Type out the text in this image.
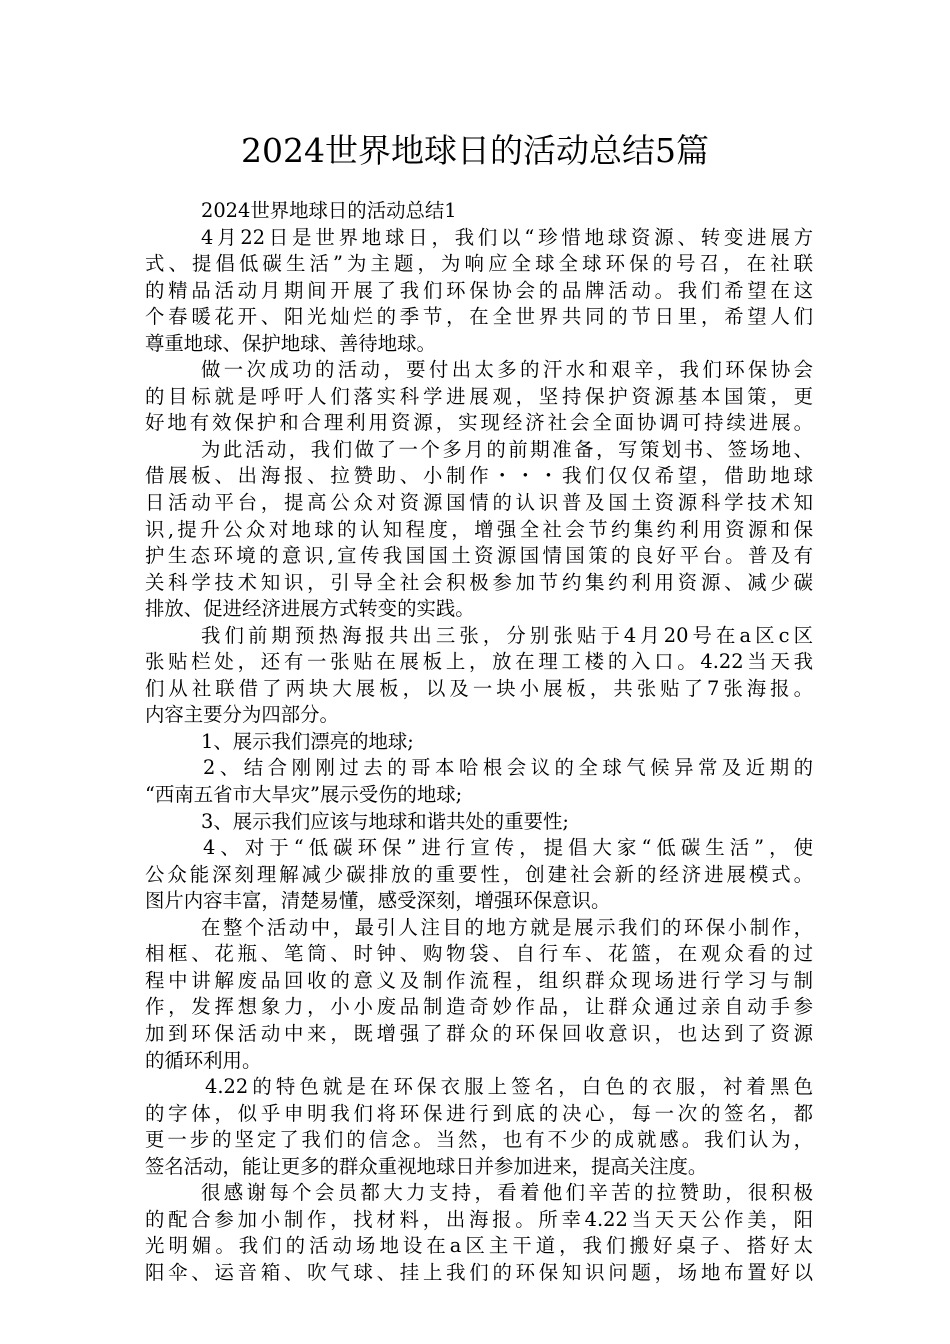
2024世界地球日的活动总结5篇
2024世界地球日的活动总结1
4月22日是世界地球日，我们以“珍惜地球资源、转变进展方
式、提倡低碳生活”为主题，为响应全球全球环保的号召，在社联
的精品活动月期间开展了我们环保协会的品牌活动。我们希望在这
个春暖花开、阳光灿烂的季节，在全世界共同的节日里，希望人们
尊重地球、保护地球、善待地球。
做一次成功的活动，要付出太多的汗水和艰辛，我们环保协会
的目标就是呼吁人们落实科学进展观，坚持保护资源基本国策，更
好地有效保护和合理利用资源，实现经济社会全面协调可持续进展。
为此活动，我们做了一个多月的前期准备，写策划书、签场地、
借展板、出海报、拉赞助、小制作・・・我们仅仅希望，借助地球
日活动平台，提高公众对资源国情的认识普及国土资源科学技术知
识,提升公众对地球的认知程度，增强全社会节约集约利用资源和保
护生态环境的意识,宣传我国国土资源国情国策的良好平台。普及有
关科学技术知识，引导全社会积极参加节约集约利用资源、减少碳
排放、促进经济进展方式转变的实践。
我们前期预热海报共出三张，分别张贴于4月20号在a区c区
张贴栏处，还有一张贴在展板上，放在理工楼的入口。4.22当天我
们从社联借了两块大展板，以及一块小展板，共张贴了7张海报。
内容主要分为四部分。
1、展示我们漂亮的地球;
2、结合刚刚过去的哥本哈根会议的全球气候异常及近期的
“西南五省市大旱灾”展示受伤的地球;
3、展示我们应该与地球和谐共处的重要性;
4、对于“低碳环保”进行宣传，提倡大家“低碳生活”，使
公众能深刻理解减少碳排放的重要性，创建社会新的经济进展模式。
图片内容丰富，清楚易懂，感受深刻，增强环保意识。
在整个活动中，最引人注目的地方就是展示我们的环保小制作，
相框、花瓶、笔筒、时钟、购物袋、自行车、花篮，在观众看的过
程中讲解废品回收的意义及制作流程，组织群众现场进行学习与制
作，发挥想象力，小小废品制造奇妙作品，让群众通过亲自动手参
加到环保活动中来，既增强了群众的环保回收意识，也达到了资源
的循环利用。
4.22的特色就是在环保衣服上签名，白色的衣服，衬着黑色
的字体，似乎申明我们将环保进行到底的决心，每一次的签名，都
更一步的坚定了我们的信念。当然，也有不少的成就感。我们认为，
签名活动，能让更多的群众重视地球日并参加进来，提高关注度。
很感谢每个会员都大力支持，看着他们辛苦的拉赞助，很积极
的配合参加小制作，找材料，出海报。所幸4.22当天天公作美，阳
光明媚。我们的活动场地设在a区主干道，我们搬好桌子、搭好太
阳伞、运音箱、吹气球、挂上我们的环保知识问题，场地布置好以
